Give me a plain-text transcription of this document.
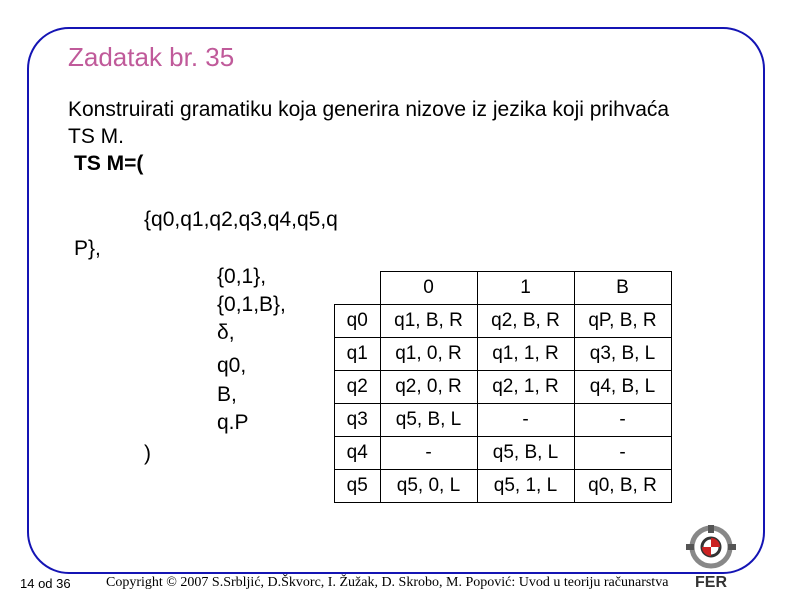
Zadatak br. 35
Konstruirati gramatiku koja generira nizove iz jezika koji prihvaća TS M.
TS M=(
{q0,q1,q2,q3,q4,q5,q
P},
)
{0,1},
{0,1,B},
δ,
q0,
B,
q.P
	0	1	B
q0	q1, B, R	q2, B, R	qP, B, R
q1	q1, 0, R	q1, 1, R	q3, B, L
q2	q2, 0, R	q2, 1, R	q4, B, L
q3	q5, B, L	-	-
q4	-	q5, B, L	-
q5	q5, 0, L	q5, 1, L	q0, B, R
14 od 36	Copyright © 2007 S.Srbljić, D.Škvorc, I. Žužak, D. Skrobo, M. Popović: Uvod u teoriju računarstva FER
